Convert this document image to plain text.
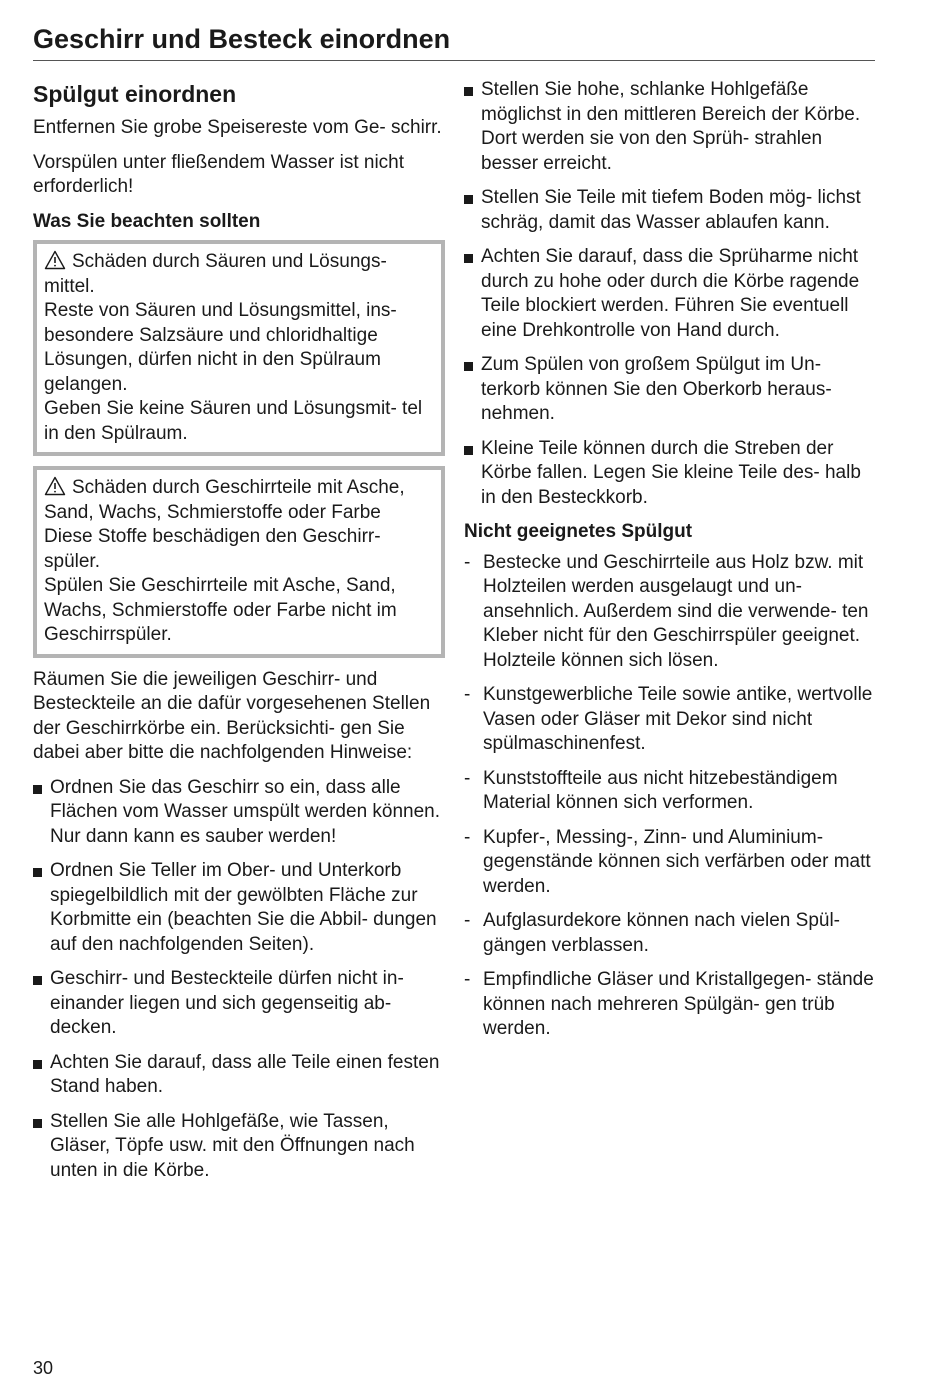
Geschirr und Besteck einordnen
Spülgut einordnen

Entfernen Sie grobe Speisereste vom Ge- schirr.

Vorspülen unter fließendem Wasser ist nicht erforderlich!

Was Sie beachten sollten
Schäden durch Säuren und Lösungs- mittel.
Reste von Säuren und Lösungsmittel, ins- besondere Salzsäure und chloridhaltige Lösungen, dürfen nicht in den Spülraum gelangen.
Geben Sie keine Säuren und Lösungsmit- tel in den Spülraum.
Schäden durch Geschirrteile mit Asche, Sand, Wachs, Schmierstoffe oder Farbe
Diese Stoffe beschädigen den Geschirr- spüler.
Spülen Sie Geschirrteile mit Asche, Sand, Wachs, Schmierstoffe oder Farbe nicht im Geschirrspüler.

Räumen Sie die jeweiligen Geschirr- und Besteckteile an die dafür vorgesehenen Stellen der Geschirrkörbe ein. Berücksichti- gen Sie dabei aber bitte die nachfolgenden Hinweise:

Ordnen Sie das Geschirr so ein, dass alle Flächen vom Wasser umspült werden können. Nur dann kann es sauber werden!
Ordnen Sie Teller im Ober- und Unterkorb spiegelbildlich mit der gewölbten Fläche zur Korbmitte ein (beachten Sie die Abbil- dungen auf den nachfolgenden Seiten).
Geschirr- und Besteckteile dürfen nicht in- einander liegen und sich gegenseitig ab- decken.
Achten Sie darauf, dass alle Teile einen festen Stand haben.
Stellen Sie alle Hohlgefäße, wie Tassen, Gläser, Töpfe usw. mit den Öffnungen nach unten in die Körbe.
Stellen Sie hohe, schlanke Hohlgefäße möglichst in den mittleren Bereich der Körbe. Dort werden sie von den Sprüh- strahlen besser erreicht.
Stellen Sie Teile mit tiefem Boden mög- lichst schräg, damit das Wasser ablaufen kann.
Achten Sie darauf, dass die Sprüharme nicht durch zu hohe oder durch die Körbe ragende Teile blockiert werden. Führen Sie eventuell eine Drehkontrolle von Hand durch.
Zum Spülen von großem Spülgut im Un- terkorb können Sie den Oberkorb heraus- nehmen.
Kleine Teile können durch die Streben der Körbe fallen. Legen Sie kleine Teile des- halb in den Besteckkorb.
Nicht geeignetes Spülgut
- Bestecke und Geschirrteile aus Holz bzw. mit Holzteilen werden ausgelaugt und un- ansehnlich. Außerdem sind die verwende- ten Kleber nicht für den Geschirrspüler geeignet. Holzteile können sich lösen.
- Kunstgewerbliche Teile sowie antike, wertvolle Vasen oder Gläser mit Dekor sind nicht spülmaschinenfest.
- Kunststoffteile aus nicht hitzebeständigem Material können sich verformen.
- Kupfer-, Messing-, Zinn- und Aluminium- gegenstände können sich verfärben oder matt werden.
- Aufglasurdekore können nach vielen Spül- gängen verblassen.
- Empfindliche Gläser und Kristallgegen- stände können nach mehreren Spülgän- gen trüb werden.
30
